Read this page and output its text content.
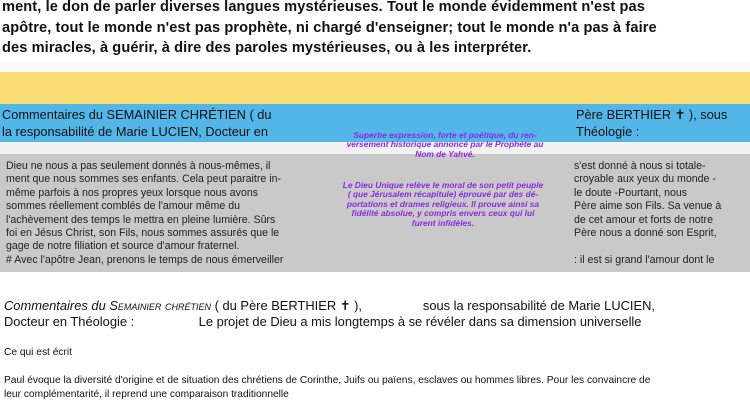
ment, le don de parler diverses langues mystérieuses. Tout le monde évidemment n'est pas
apôtre, tout le monde n'est pas prophète, ni chargé d'enseigner; tout le monde n'a pas à faire
des miracles, à guérir, à dire des paroles mystérieuses, ou à les interpréter.
Commentaires du SEMAINIER CHRÉTIEN ( du
la responsabilité de Marie LUCIEN, Docteur en
Père BERTHIER ✝ ), sous
Théologie :
Dieu ne nous a pas seulement donnés à nous-mêmes, il
ment que nous sommes ses enfants. Cela peut paraitre in-
même parfois à nos propres yeux lorsque nous avons
sommes réellement comblés de l'amour même du
l'achèvement des temps le mettra en pleine lumière. Sûrs
foi en Jésus Christ, son Fils, nous sommes assurés que le
gage de notre filiation et source d'amour fraternel.
# Avec l'apôtre Jean, prenons le temps de nous émerveiller
s'est donné à nous si totale-
croyable aux yeux du monde -
le doute -Pourtant, nous
Père aime son Fils. Sa venue à
de cet amour et forts de notre
Père nous a donné son Esprit,

: il est si grand l'amour dont le
Superbe expression, forte et poétique, du ren-
versement historique annoncé par le Prophète au
Nom de Yahvé.
Le Dieu Unique relève le moral de son petit peuple
( que Jérusalem récapitule) éprouvé par des dé-
portations et drames religieux. Il prouve ainsi sa
fidélité absolue, y compris envers ceux qui lui
furent infidèles.
Commentaires du Semainier chrétien ( du Père BERTHIER ✝ ),                 sous la responsabilité de Marie LUCIEN,
Docteur en Théologie :                  Le projet de Dieu a mis longtemps à se révéler dans sa dimension universelle
Ce qui est écrit
Paul évoque la diversité d'origine et de situation des chrétiens de Corinthe, Juifs ou païens, esclaves ou hommes libres. Pour les convaincre de
leur complémentarité, il reprend une comparaison traditionnelle
